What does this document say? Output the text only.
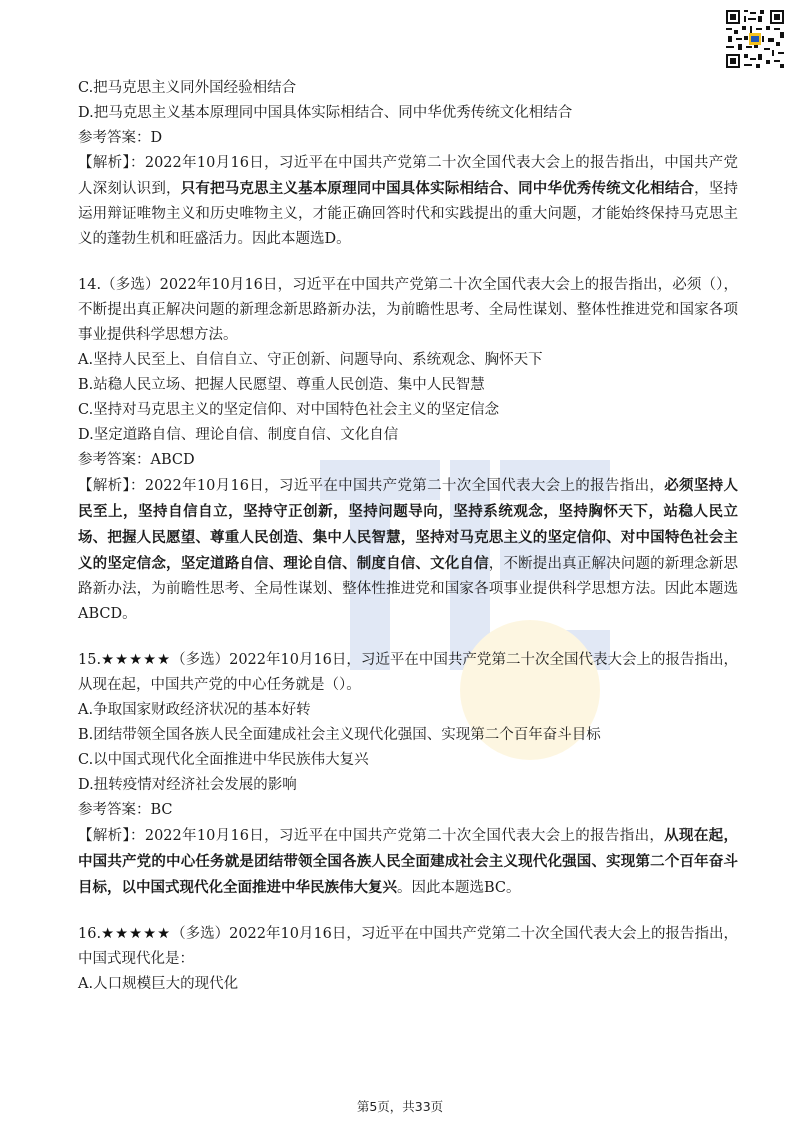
C.把马克思主义同外国经验相结合
D.把马克思主义基本原理同中国具体实际相结合、同中华优秀传统文化相结合
参考答案：D
【解析】：2022年10月16日，习近平在中国共产党第二十次全国代表大会上的报告指出，中国共产党人深刻认识到，只有把马克思主义基本原理同中国具体实际相结合、同中华优秀传统文化相结合，坚持运用辩证唯物主义和历史唯物主义，才能正确回答时代和实践提出的重大问题，才能始终保持马克思主义的蓬勃生机和旺盛活力。因此本题选D。
14.（多选）2022年10月16日，习近平在中国共产党第二十次全国代表大会上的报告指出，必须（），不断提出真正解决问题的新理念新思路新办法，为前瞻性思考、全局性谋划、整体性推进党和国家各项事业提供科学思想方法。
A.坚持人民至上、自信自立、守正创新、问题导向、系统观念、胸怀天下
B.站稳人民立场、把握人民愿望、尊重人民创造、集中人民智慧
C.坚持对马克思主义的坚定信仰、对中国特色社会主义的坚定信念
D.坚定道路自信、理论自信、制度自信、文化自信
参考答案：ABCD
【解析】：2022年10月16日，习近平在中国共产党第二十次全国代表大会上的报告指出，必须坚持人民至上，坚持自信自立，坚持守正创新，坚持问题导向，坚持系统观念，坚持胸怀天下，站稳人民立场、把握人民愿望、尊重人民创造、集中人民智慧，坚持对马克思主义的坚定信仰、对中国特色社会主义的坚定信念，坚定道路自信、理论自信、制度自信、文化自信，不断提出真正解决问题的新理念新思路新办法，为前瞻性思考、全局性谋划、整体性推进党和国家各项事业提供科学思想方法。因此本题选ABCD。
15.★★★★★（多选）2022年10月16日，习近平在中国共产党第二十次全国代表大会上的报告指出，从现在起，中国共产党的中心任务就是（）。
A.争取国家财政经济状况的基本好转
B.团结带领全国各族人民全面建成社会主义现代化强国、实现第二个百年奋斗目标
C.以中国式现代化全面推进中华民族伟大复兴
D.扭转疫情对经济社会发展的影响
参考答案：BC
【解析】：2022年10月16日，习近平在中国共产党第二十次全国代表大会上的报告指出，从现在起，中国共产党的中心任务就是团结带领全国各族人民全面建成社会主义现代化强国、实现第二个百年奋斗目标，以中国式现代化全面推进中华民族伟大复兴。因此本题选BC。
16.★★★★★（多选）2022年10月16日，习近平在中国共产党第二十次全国代表大会上的报告指出，中国式现代化是：
A.人口规模巨大的现代化
第5页，共33页
